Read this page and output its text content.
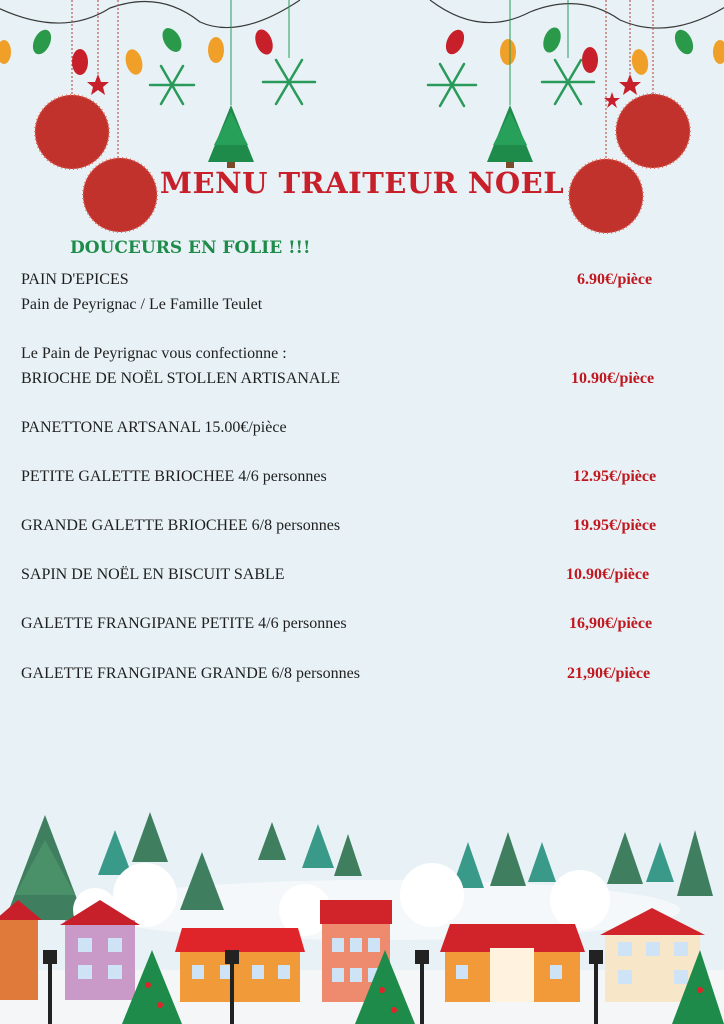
MENU TRAITEUR NOEL
DOUCEURS EN FOLIE !!!
PAIN D'EPICES	6.90€/pièce
Pain de Peyrignac / Le Famille Teulet
Le Pain de Peyrignac vous confectionne :
BRIOCHE DE NOËL STOLLEN ARTISANALE	10.90€/pièce
PANETTONE ARTSANAL 15.00€/pièce
PETITE GALETTE BRIOCHEE 4/6 personnes	12.95€/pièce
GRANDE GALETTE BRIOCHEE 6/8 personnes	19.95€/pièce
SAPIN DE NOËL EN BISCUIT SABLE	10.90€/pièce
GALETTE FRANGIPANE PETITE 4/6 personnes	16,90€/pièce
GALETTE FRANGIPANE GRANDE 6/8 personnes	21,90€/pièce
